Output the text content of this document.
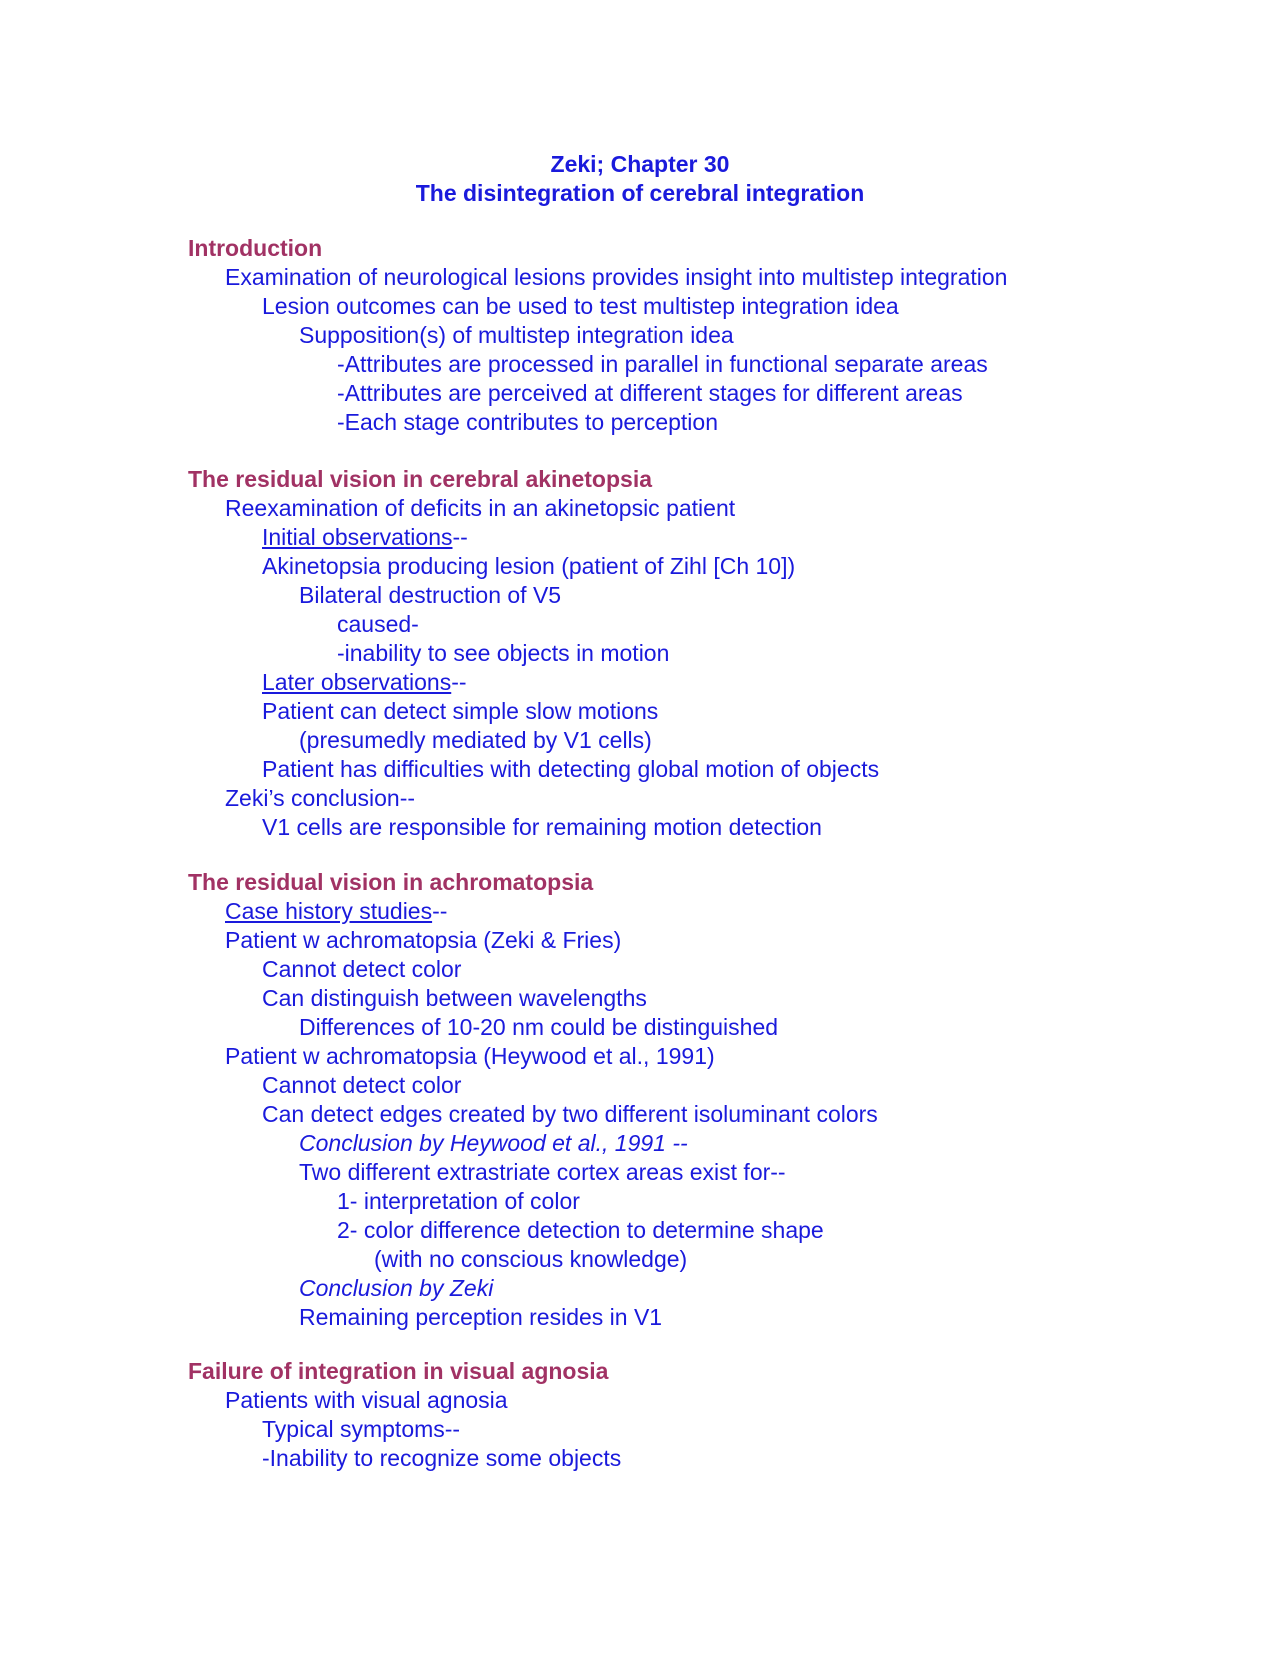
Zeki; Chapter 30
The disintegration of cerebral integration
Introduction
Examination of neurological lesions provides insight into multistep integration
Lesion outcomes can be used to test multistep integration idea
Supposition(s) of multistep integration idea
-Attributes are processed in parallel in functional separate areas
-Attributes are perceived at different stages for different areas
-Each stage contributes to perception
The residual vision in cerebral akinetopsia
Reexamination of deficits in an akinetopsic patient
Initial observations--
Akinetopsia producing lesion (patient of Zihl [Ch 10])
Bilateral destruction of V5
caused-
-inability to see objects in motion
Later observations--
Patient can detect simple slow motions
(presumedly mediated by V1 cells)
Patient has difficulties with detecting global motion of objects
Zeki’s conclusion--
V1 cells are responsible for remaining motion detection
The residual vision in achromatopsia
Case history studies--
Patient w achromatopsia (Zeki & Fries)
Cannot detect color
Can distinguish between wavelengths
Differences of 10-20 nm could be distinguished
Patient w achromatopsia (Heywood et al., 1991)
Cannot detect color
Can detect edges created by two different isoluminant colors
Conclusion by Heywood et al., 1991 --
Two different extrastriate cortex areas exist for--
1- interpretation of color
2- color difference detection to determine shape
(with no conscious knowledge)
Conclusion by Zeki
Remaining perception resides in V1
Failure of integration in visual agnosia
Patients with visual agnosia
Typical symptoms--
-Inability to recognize some objects
